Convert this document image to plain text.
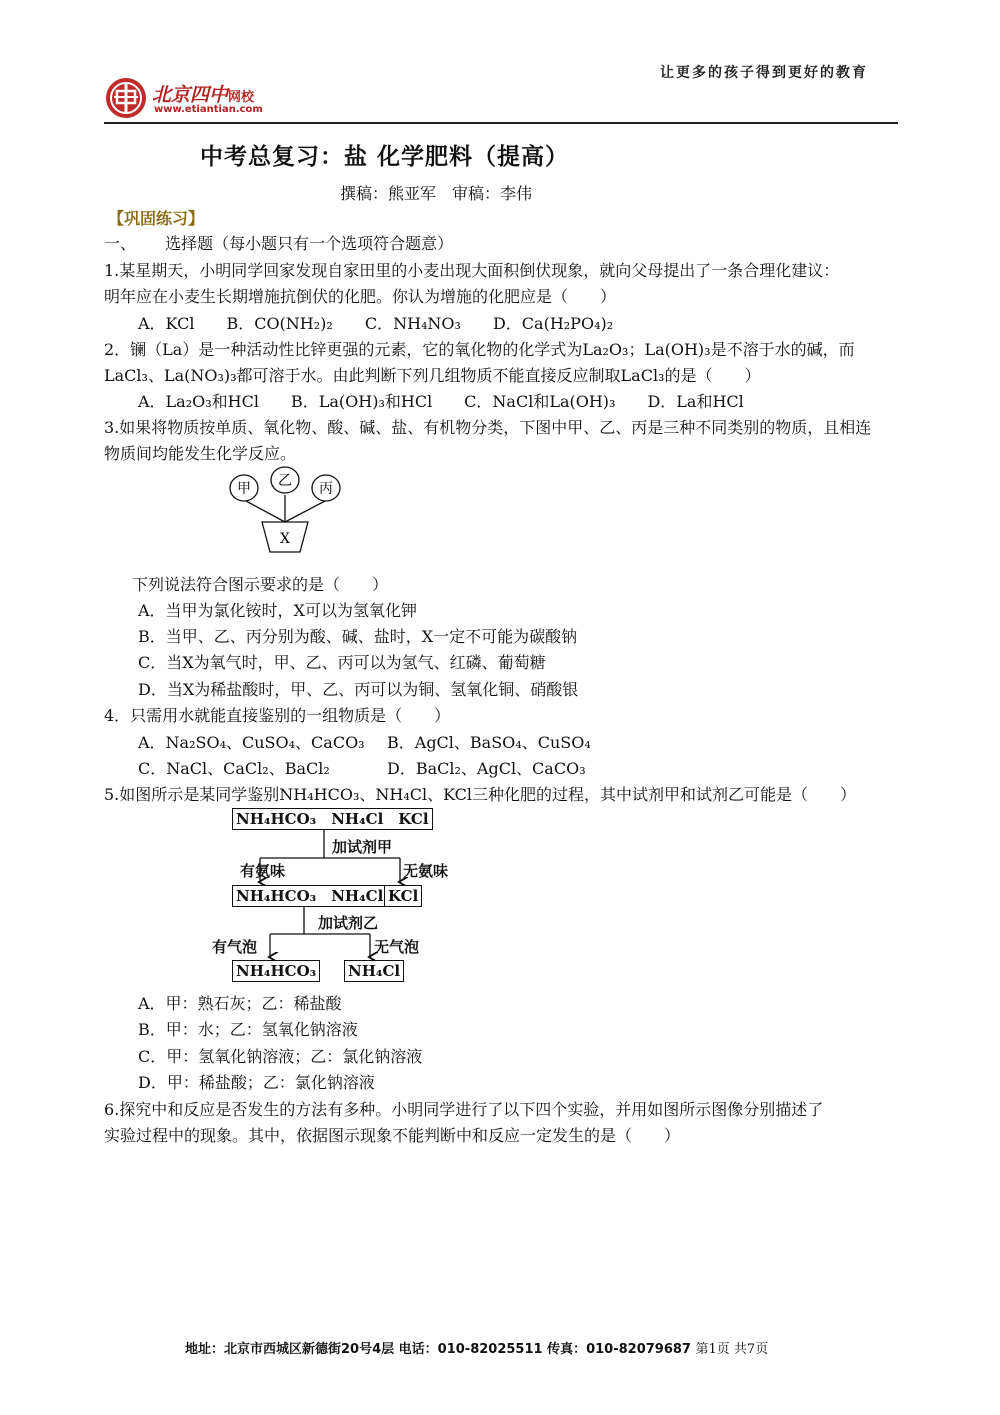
让更多的孩子得到更好的教育
北京四中网校
www.etiantian.com
中考总复习：盐 化学肥料（提高）
撰稿：熊亚军　审稿：李伟
【巩固练习】
一、　　 选择题（每小题只有一个选项符合题意）
1.某星期天，小明同学回家发现自家田里的小麦出现大面积倒伏现象，就向父母提出了一条合理化建议：
明年应在小麦生长期增施抗倒伏的化肥。你认为增施的化肥应是（　　）
A．KCl　　B．CO(NH₂)₂　　C．NH₄NO₃　　D．Ca(H₂PO₄)₂
2．镧（La）是一种活动性比锌更强的元素，它的氧化物的化学式为La₂O₃；La(OH)₃是不溶于水的碱，而
LaCl₃、La(NO₃)₃都可溶于水。由此判断下列几组物质不能直接反应制取LaCl₃的是（　　）
A．La₂O₃和HCl　　B．La(OH)₃和HCl　　C．NaCl和La(OH)₃　　D．La和HCl
3.如果将物质按单质、氧化物、酸、碱、盐、有机物分类，下图中甲、乙、丙是三种不同类别的物质，且相连
物质间均能发生化学反应。
甲 乙 丙
X
下列说法符合图示要求的是（　　）
A．当甲为氯化铵时，X可以为氢氧化钾
B．当甲、乙、丙分别为酸、碱、盐时，X一定不可能为碳酸钠
C．当X为氧气时，甲、乙、丙可以为氢气、红磷、葡萄糖
D．当X为稀盐酸时，甲、乙、丙可以为铜、氢氧化铜、硝酸银
4．只需用水就能直接鉴别的一组物质是（　　）
A．Na₂SO₄、CuSO₄、CaCO₃ B．AgCl、BaSO₄、CuSO₄
C．NaCl、CaCl₂、BaCl₂	D．BaCl₂、AgCl、CaCO₃
5.如图所示是某同学鉴别NH₄HCO₃、NH₄Cl、KCl三种化肥的过程，其中试剂甲和试剂乙可能是（　　）
NH₄HCO₃　NH₄Cl　KCl
加试剂甲
有氨味	无氨味
NH₄HCO₃　NH₄Cl KCl
加试剂乙
有气泡	无气泡
NH₄HCO₃ NH₄Cl
A．甲：熟石灰；乙：稀盐酸
B．甲：水；乙：氢氧化钠溶液
C．甲：氢氧化钠溶液；乙：氯化钠溶液
D．甲：稀盐酸；乙：氯化钠溶液
6.探究中和反应是否发生的方法有多种。小明同学进行了以下四个实验，并用如图所示图像分别描述了
实验过程中的现象。其中，依据图示现象不能判断中和反应一定发生的是（　　）
地址：北京市西城区新德街20号4层 电话：010-82025511 传真：010-82079687 第1页 共7页
